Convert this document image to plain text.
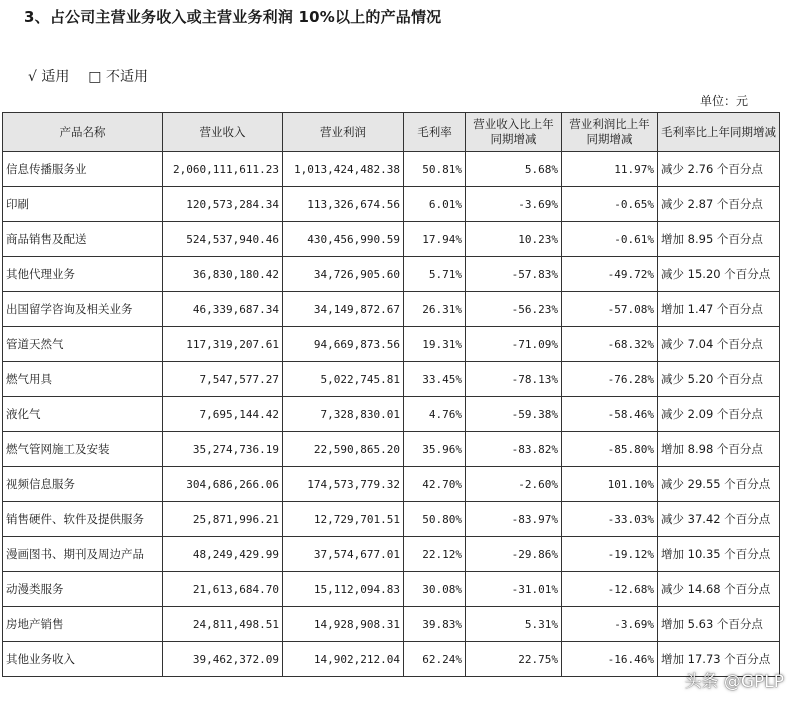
3、占公司主营业务收入或主营业务利润 10%以上的产品情况
√ 适用 □ 不适用
单位：元
产品名称	营业收入	营业利润	毛利率	营业收入比上年同期增减	营业利润比上年同期增减	毛利率比上年同期增减
信息传播服务业	2,060,111,611.23	1,013,424,482.38	50.81%	5.68%	11.97%	减少 2.76 个百分点
印刷	120,573,284.34	113,326,674.56	6.01%	-3.69%	-0.65%	减少 2.87 个百分点
商品销售及配送	524,537,940.46	430,456,990.59	17.94%	10.23%	-0.61%	增加 8.95 个百分点
其他代理业务	36,830,180.42	34,726,905.60	5.71%	-57.83%	-49.72%	减少 15.20 个百分点
出国留学咨询及相关业务	46,339,687.34	34,149,872.67	26.31%	-56.23%	-57.08%	增加 1.47 个百分点
管道天然气	117,319,207.61	94,669,873.56	19.31%	-71.09%	-68.32%	减少 7.04 个百分点
燃气用具	7,547,577.27	5,022,745.81	33.45%	-78.13%	-76.28%	减少 5.20 个百分点
液化气	7,695,144.42	7,328,830.01	4.76%	-59.38%	-58.46%	减少 2.09 个百分点
燃气管网施工及安装	35,274,736.19	22,590,865.20	35.96%	-83.82%	-85.80%	增加 8.98 个百分点
视频信息服务	304,686,266.06	174,573,779.32	42.70%	-2.60%	101.10%	减少 29.55 个百分点
销售硬件、软件及提供服务	25,871,996.21	12,729,701.51	50.80%	-83.97%	-33.03%	减少 37.42 个百分点
漫画图书、期刊及周边产品	48,249,429.99	37,574,677.01	22.12%	-29.86%	-19.12%	增加 10.35 个百分点
动漫类服务	21,613,684.70	15,112,094.83	30.08%	-31.01%	-12.68%	减少 14.68 个百分点
房地产销售	24,811,498.51	14,928,908.31	39.83%	5.31%	-3.69%	增加 5.63 个百分点
其他业务收入	39,462,372.09	14,902,212.04	62.24%	22.75%	-16.46%	增加 17.73 个百分点
头条 @GPLP
